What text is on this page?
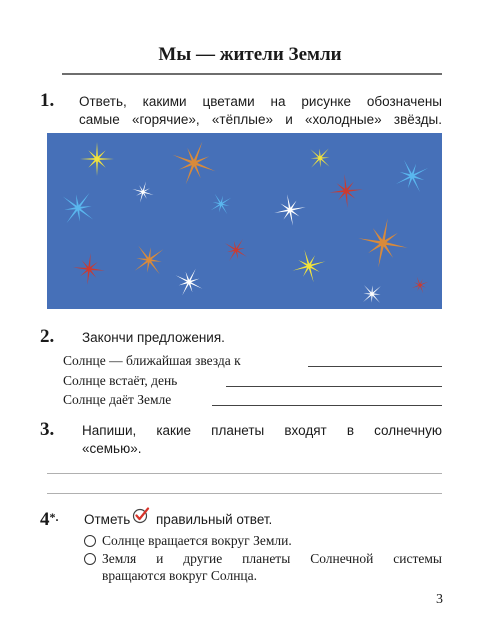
Мы — жители Земли
1. Ответь, какими цветами на рисунке обозначены
самые «горячие», «тёплые» и «холодные» звёзды.
2. Закончи предложения.
Солнце — ближайшая звезда к
Солнце встаёт, день
Солнце даёт Земле
3. Напиши, какие планеты входят в солнечную
«семью».
4*. Отметь правильный ответ.
Солнце вращается вокруг Земли.
Земля и другие планеты Солнечной системы
вращаются вокруг Солнца.
3
